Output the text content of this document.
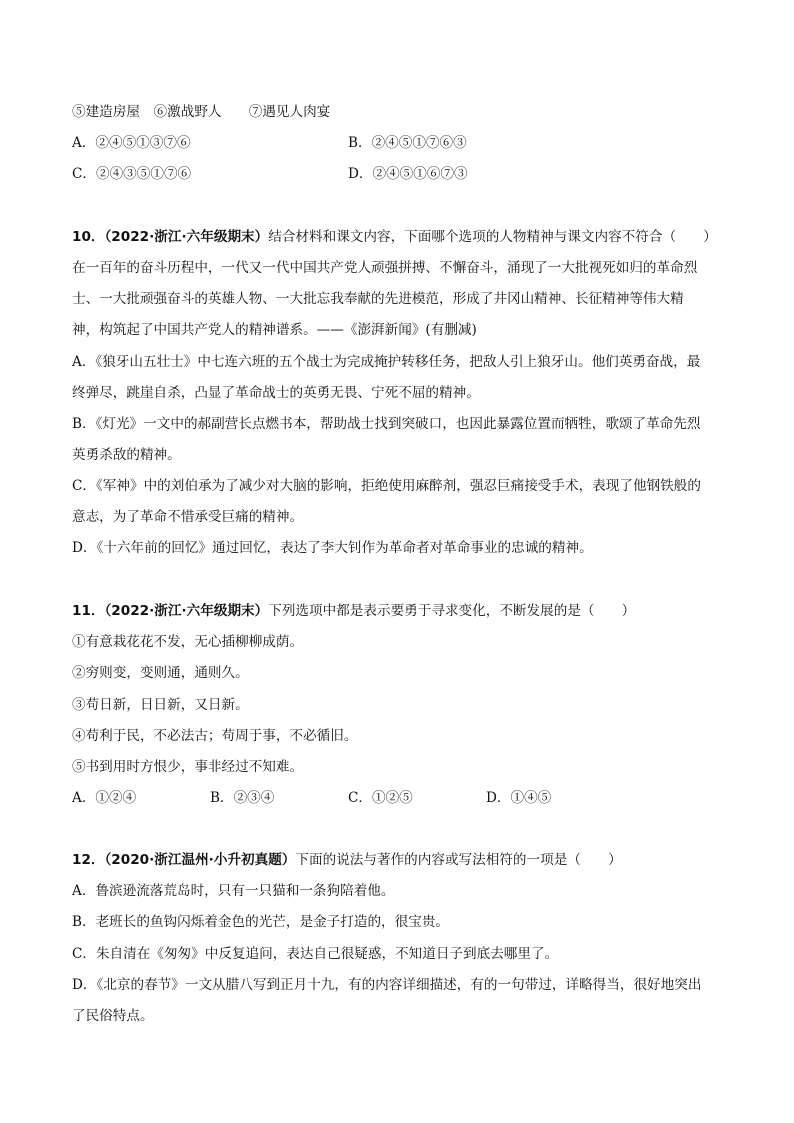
⑤建造房屋　⑥激战野人　　⑦遇见人肉宴
A．②④⑤①③⑦⑥	B．②④⑤①⑦⑥③
C．②④③⑤①⑦⑥	D．②④⑤①⑥⑦③
10．（2022·浙江·六年级期末）结合材料和课文内容，下面哪个选项的人物精神与课文内容不符合（　　）
在一百年的奋斗历程中，一代又一代中国共产党人顽强拼搏、不懈奋斗，涌现了一大批视死如归的革命烈
士、一大批顽强奋斗的英雄人物、一大批忘我奉献的先进模范，形成了井冈山精神、长征精神等伟大精
神，构筑起了中国共产党人的精神谱系。——《澎湃新闻》(有删减)
A．《狼牙山五壮士》中七连六班的五个战士为完成掩护转移任务，把敌人引上狼牙山。他们英勇奋战，最
终弹尽，跳崖自杀，凸显了革命战士的英勇无畏、宁死不屈的精神。
B．《灯光》一文中的郝副营长点燃书本，帮助战士找到突破口，也因此暴露位置而牺牲，歌颂了革命先烈
英勇杀敌的精神。
C．《军神》中的刘伯承为了减少对大脑的影响，拒绝使用麻醉剂，强忍巨痛接受手术，表现了他钢铁般的
意志，为了革命不惜承受巨痛的精神。
D．《十六年前的回忆》通过回忆，表达了李大钊作为革命者对革命事业的忠诚的精神。
11．（2022·浙江·六年级期末）下列选项中都是表示要勇于寻求变化，不断发展的是（　　）
①有意栽花花不发，无心插柳柳成荫。
②穷则变，变则通，通则久。
③苟日新，日日新，又日新。
④苟利于民，不必法古；苟周于事，不必循旧。
⑤书到用时方恨少，事非经过不知难。
A．①②④	B．②③④	C．①②⑤	D．①④⑤
12．（2020·浙江温州·小升初真题）下面的说法与著作的内容或写法相符的一项是（　　）
A．鲁滨逊流落荒岛时，只有一只猫和一条狗陪着他。
B．老班长的鱼钩闪烁着金色的光芒，是金子打造的，很宝贵。
C．朱自清在《匆匆》中反复追问，表达自己很疑惑，不知道日子到底去哪里了。
D．《北京的春节》一文从腊八写到正月十九，有的内容详细描述，有的一句带过，详略得当，很好地突出
了民俗特点。
